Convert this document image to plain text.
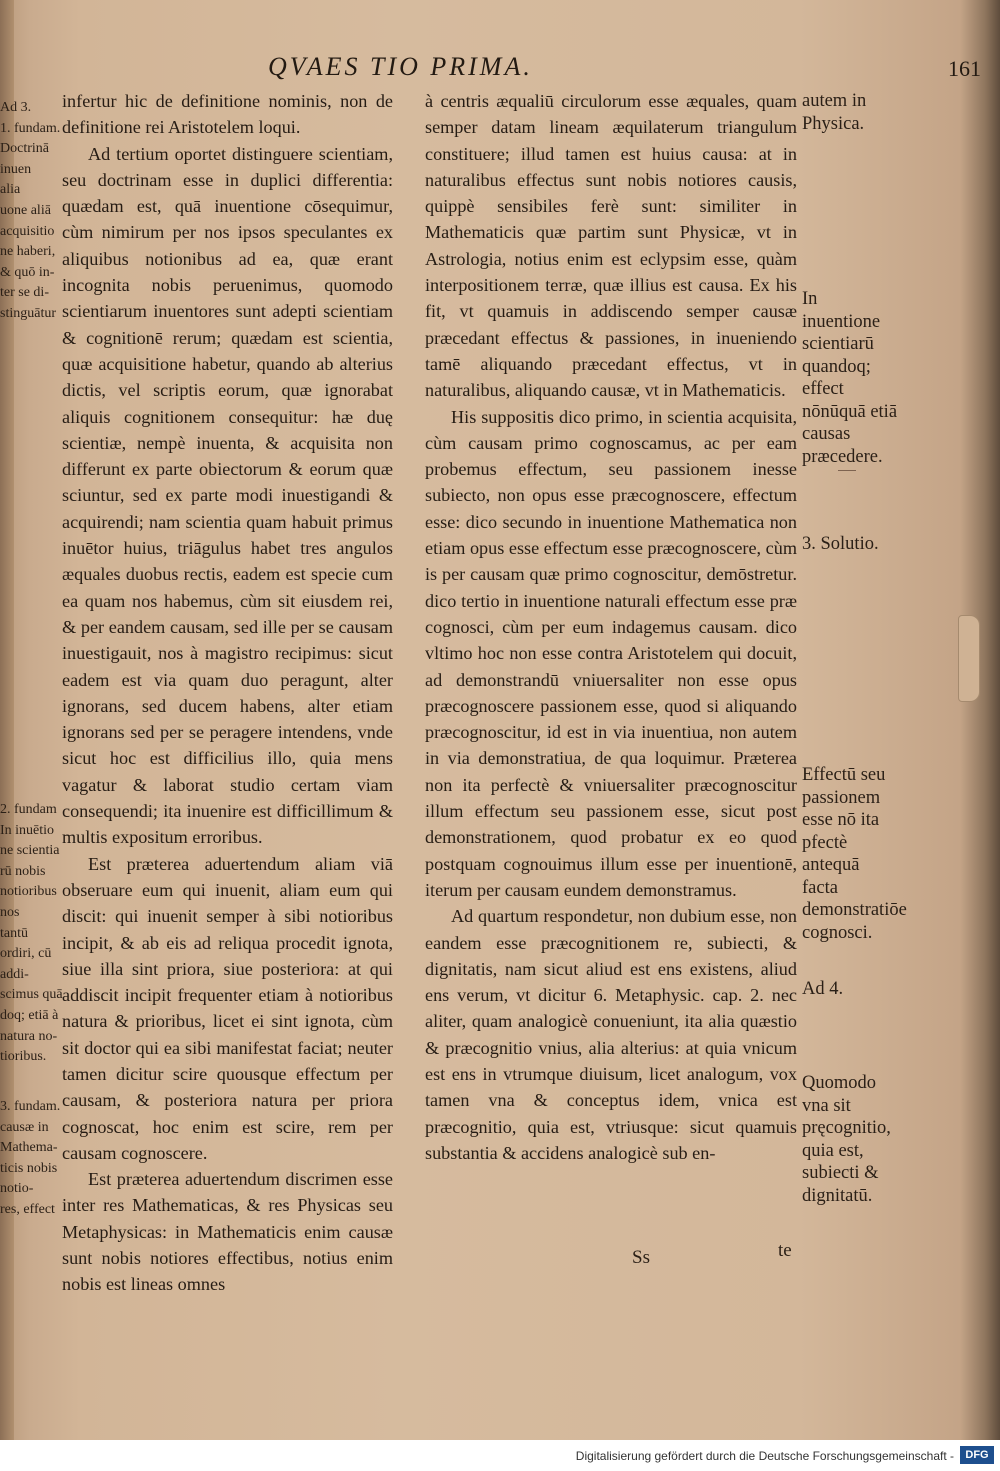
QVAES TIO PRIMA.	161
Ad 3.
1. fundam.
Doctrinā
inuen
alia
uone aliā
acquisitio
ne haberi,
& quō in-
ter se di-
stinguātur
2. fundam
In inuētio
ne scientia
rū nobis
notioribus
nos
tantū
ordiri, cū
addi-
scimus quā
doq; etiā à
natura no-
tioribus.
3. fundam.
causæ in
Mathema-
ticis nobis
notio-
res, effect

infertur hic de definitione nominis, non de definitione rei Aristotelem loqui.

Ad tertium oportet distinguere scientiam, seu doctrinam esse in duplici differentia: quædam est, quā inuentione cōsequimur, cùm nimirum per nos ipsos speculantes ex aliquibus notionibus ad ea, quæ erant incognita nobis peruenimus, quomodo scientiarum inuentores sunt adepti scientiam & cognitionē rerum; quædam est scientia, quæ acquisitione habetur, quando ab alterius dictis, vel scriptis eorum, quæ ignorabat aliquis cognitionem consequitur: hæ duę scientiæ, nempè inuenta, & acquisita non differunt ex parte obiectorum & eorum quæ sciuntur, sed ex parte modi inuestigandi & acquirendi; nam scientia quam habuit primus inuētor huius, triāgulus habet tres angulos æquales duobus rectis, eadem est specie cum ea quam nos habemus, cùm sit eiusdem rei, & per eandem causam, sed ille per se causam inuestigauit, nos à magistro recipimus: sicut eadem est via quam duo peragunt, alter ignorans, sed ducem habens, alter etiam ignorans sed per se peragere intendens, vnde sicut hoc est difficilius illo, quia mens vagatur & laborat studio certam viam consequendi; ita inuenire est difficillimum & multis expositum erroribus.

Est præterea aduertendum aliam viā obseruare eum qui inuenit, aliam eum qui discit: qui inuenit semper à sibi notioribus incipit, & ab eis ad reliqua procedit ignota, siue illa sint priora, siue posteriora: at qui addiscit incipit frequenter etiam à notioribus natura & prioribus, licet ei sint ignota, cùm sit doctor qui ea sibi manifestat faciat; neuter tamen dicitur scire quousque effectum per causam, & posteriora natura per priora cognoscat, hoc enim est scire, rem per causam cognoscere.

Est præterea aduertendum discrimen esse inter res Mathematicas, & res Physicas seu Metaphysicas: in Mathematicis enim causæ sunt nobis notiores effectibus, notius enim nobis est lineas omnes

à centris æqualiū circulorum esse æquales, quam semper datam lineam æquilaterum triangulum constituere; illud tamen est huius causa: at in naturalibus effectus sunt nobis notiores causis, quippè sensibiles ferè sunt: similiter in Mathematicis quæ partim sunt Physicæ, vt in Astrologia, notius enim est eclypsim esse, quàm interpositionem terræ, quæ illius est causa. Ex his fit, vt quamuis in addiscendo semper causæ præcedant effectus & passiones, in inueniendo tamē aliquando præcedant effectus, vt in naturalibus, aliquando causæ, vt in Mathematicis.

His suppositis dico primo, in scientia acquisita, cùm causam primo cognoscamus, ac per eam probemus effectum, seu passionem inesse subiecto, non opus esse præcognoscere, effectum esse: dico secundo in inuentione Mathematica non etiam opus esse effectum esse præcognoscere, cùm is per causam quæ primo cognoscitur, demōstretur. dico tertio in inuentione naturali effectum esse præ cognosci, cùm per eum indagemus causam. dico vltimo hoc non esse contra Aristotelem qui docuit, ad demonstrandū vniuersaliter non esse opus præcognoscere passionem esse, quod si aliquando præcognoscitur, id est in via inuentiua, non autem in via demonstratiua, de qua loquimur. Præterea non ita perfectè & vniuersaliter præcognoscitur illum effectum seu passionem esse, sicut post demonstrationem, quod probatur ex eo quod postquam cognouimus illum esse per inuentionē, iterum per causam eundem demonstramus.

Ad quartum respondetur, non dubium esse, non eandem esse præcognitionem re, subiecti, & dignitatis, nam sicut aliud est ens existens, aliud ens verum, vt dicitur 6. Metaphysic. cap. 2. nec aliter, quam analogicè conueniunt, ita alia quæstio & præcognitio vnius, alia alterius: at quia vnicum est ens in vtrumque diuisum, licet analogum, vox tamen vna & conceptus idem, vnica est præcognitio, quia est, vtriusque: sicut quamuis substantia & accidens analogicè sub en-

autem in Physica.
In inuentione scientiarū quandoq; effect nōnūquā etiā causas præcedere.
3. Solutio.
Effectū seu passionem esse nō ita pfectè antequā facta demonstratiōe cognosci.
Ad 4.
Quomodo vna sit pręcognitio, quia est, subiecti & dignitatū.
Ss	te
Digitalisierung gefördert durch die Deutsche Forschungsgemeinschaft -	DFG
